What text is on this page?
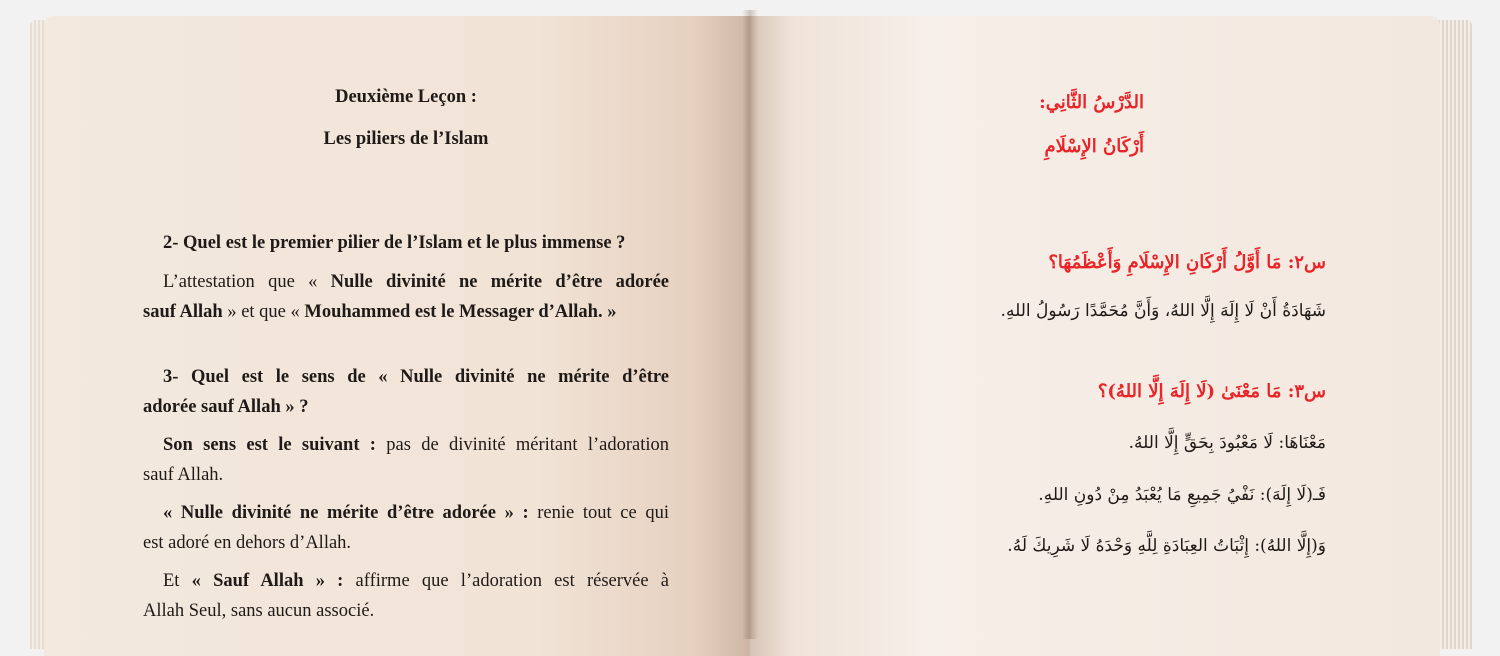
Deuxième Leçon :
Les piliers de l’Islam
2- Quel est le premier pilier de l’Islam et le plus immense ?
L’attestation que « Nulle divinité ne mérite d’être adorée
sauf Allah » et que « Mouhammed est le Messager d’Allah. »
3- Quel est le sens de « Nulle divinité ne mérite d’être
adorée sauf Allah » ?
Son sens est le suivant : pas de divinité méritant l’adoration
sauf Allah.
« Nulle divinité ne mérite d’être adorée » : renie tout ce qui
est adoré en dehors d’Allah.
Et « Sauf Allah » : affirme que l’adoration est réservée à
Allah Seul, sans aucun associé.
الدَّرْسُ الثَّانِي:
أَرْكَانُ الإِسْلَامِ
س٢: مَا أَوَّلُ أَرْكَانِ الإِسْلَامِ وَأَعْظَمُهَا؟
شَهَادَةُ أَنْ لَا إِلَهَ إِلَّا اللهُ، وَأَنَّ مُحَمَّدًا رَسُولُ اللهِ.
س٣: مَا مَعْنَىٰ (لَا إِلَهَ إِلَّا اللهُ)؟
مَعْنَاهَا: لَا مَعْبُودَ بِحَقٍّ إِلَّا اللهُ.
فَـ(لَا إِلَهَ): نَفْيُ جَمِيعِ مَا يُعْبَدُ مِنْ دُونِ اللهِ.
وَ(إِلَّا اللهُ): إِثْبَاتُ العِبَادَةِ لِلَّهِ وَحْدَهُ لَا شَرِيكَ لَهُ.
